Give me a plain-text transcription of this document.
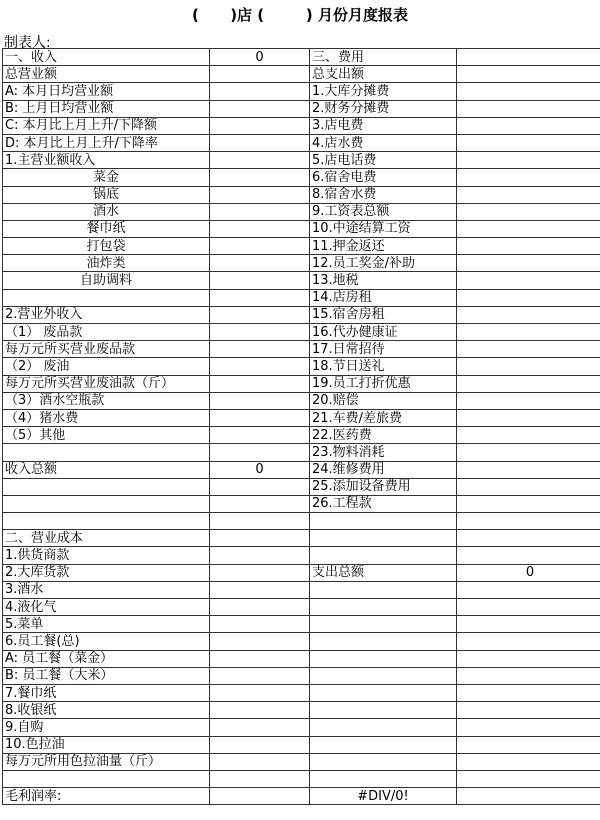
(      )店 (        ) 月份月度报表
制表人:
一、收入	0	三、费用	
总营业额		总支出额	
A: 本月日均营业额		1.大库分摊费	
B: 上月日均营业额		2.财务分摊费	
C: 本月比上月上升/下降额		3.店电费	
D: 本月比上月上升/下降率		4.店水费	
1.主营业额收入		5.店电话费	
菜金		6.宿舍电费	
锅底		8.宿舍水费	
酒水		9.工资表总额	
餐巾纸		10.中途结算工资	
打包袋		11.押金返还	
油炸类		12.员工奖金/补助	
自助调料		13.地税	
		14.店房租	
2.营业外收入		15.宿舍房租	
（1） 废品款		16.代办健康证	
每万元所买营业废品款		17.日常招待	
（2） 废油		18.节日送礼	
每万元所买营业废油款（斤）		19.员工打折优惠	
（3）酒水空瓶款		20.赔偿	
（4）猪水费		21.车费/差旅费	
（5）其他		22.医药费	
		23.物料消耗	
收入总额	0	24.维修费用	
		25.添加设备费用	
		26.工程款	

二、营业成本			
1.供货商款			
2.大库货款		支出总额	0
3.酒水			
4.液化气			
5.菜单			
6.员工餐(总)			
A: 员工餐（菜金）			
B: 员工餐（大米）			
7.餐巾纸			
8.收银纸			
9.自购			
10.色拉油			
每万元所用色拉油量（斤）			

毛利润率:		#DIV/0!	
